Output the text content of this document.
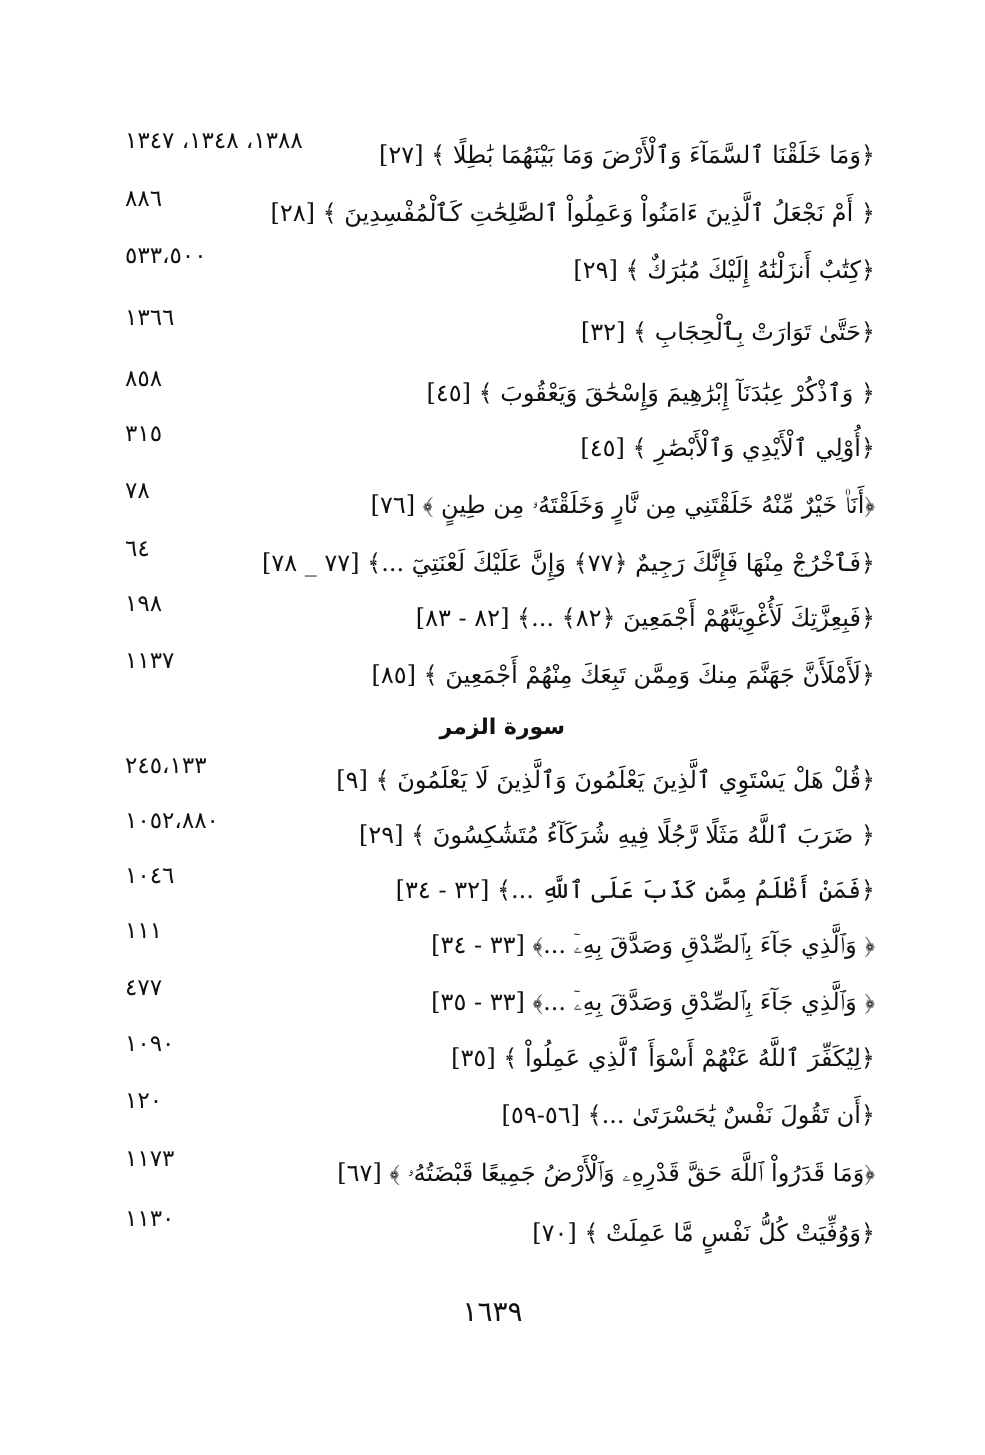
﴿وَمَا خَلَقْنَا ٱلسَّمَآءَ وَٱلْأَرْضَ وَمَا بَيْنَهُمَا بَٰطِلًا ﴾ [٢٧]
١٣٨٨، ١٣٤٨، ١٣٤٧
﴿ أَمْ نَجْعَلُ ٱلَّذِينَ ءَامَنُواْ وَعَمِلُواْ ٱلصَّٰلِحَٰتِ كَٱلْمُفْسِدِينَ ﴾ [٢٨]
٨٨٦
﴿كِتَٰبٌ أَنزَلْنَٰهُ إِلَيْكَ مُبَٰرَكٌ ﴾ [٢٩]
٥٣٣،٥٠٠
﴿حَتَّىٰ تَوَارَتْ بِٱلْحِجَابِ ﴾ [٣٢]
١٣٦٦
﴿ وَٱذْكُرْ عِبَٰدَنَآ إِبْرَٰهِيمَ وَإِسْحَٰقَ وَيَعْقُوبَ ﴾ [٤٥]
٨٥٨
﴿أُوْلِي ٱلْأَيْدِي وَٱلْأَبْصَٰرِ ﴾ [٤٥]
٣١٥
﴿أَنَا۠ خَيْرٌ مِّنْهُ خَلَقْتَنِي مِن نَّارٍ وَخَلَقْتَهُۥ مِن طِينٍ ﴾ [٧٦]
٧٨
﴿فَٱخْرُجْ مِنْهَا فَإِنَّكَ رَجِيمٌ ﴿٧٧﴾ وَإِنَّ عَلَيْكَ لَعْنَتِيٓ ...﴾ [٧٧ _ ٧٨]
٦٤
﴿فَبِعِزَّتِكَ لَأُغْوِيَنَّهُمْ أَجْمَعِينَ ﴿٨٢﴾ ...﴾ [٨٢ - ٨٣]
١٩٨
﴿لَأَمْلَأَنَّ جَهَنَّمَ مِنكَ وَمِمَّن تَبِعَكَ مِنْهُمْ أَجْمَعِينَ ﴾ [٨٥]
١١٣٧
سورة الزمر
﴿قُلْ هَلْ يَسْتَوِي ٱلَّذِينَ يَعْلَمُونَ وَٱلَّذِينَ لَا يَعْلَمُونَ ﴾ [٩]
٢٤٥،١٣٣
﴿ ضَرَبَ ٱللَّهُ مَثَلًا رَّجُلًا فِيهِ شُرَكَآءُ مُتَشَٰكِسُونَ ﴾ [٢٩]
١٠٥٢،٨٨٠
﴿فَمَنْ أَظْلَمُ مِمَّن كَذَبَ عَلَى ٱللَّهِ ...﴾ [٣٢ - ٣٤]
١٠٤٦
﴿ وَٱلَّذِي جَآءَ بِٱلصِّدْقِ وَصَدَّقَ بِهِۦٓ ...﴾ [٣٣ - ٣٤]
١١١
﴿ وَٱلَّذِي جَآءَ بِٱلصِّدْقِ وَصَدَّقَ بِهِۦٓ ...﴾ [٣٣ - ٣٥]
٤٧٧
﴿لِيُكَفِّرَ ٱللَّهُ عَنْهُمْ أَسْوَأَ ٱلَّذِي عَمِلُواْ ﴾ [٣٥]
١٠٩٠
﴿أَن تَقُولَ نَفْسٌ يَٰحَسْرَتَىٰ ...﴾ [٥٦-٥٩]
١٢٠
﴿وَمَا قَدَرُواْ ٱللَّهَ حَقَّ قَدْرِهِۦ وَٱلْأَرْضُ جَمِيعًا قَبْضَتُهُۥ ﴾ [٦٧]
١١٧٣
﴿وَوُفِّيَتْ كُلُّ نَفْسٍ مَّا عَمِلَتْ ﴾ [٧٠]
١١٣٠
١٦٣٩
